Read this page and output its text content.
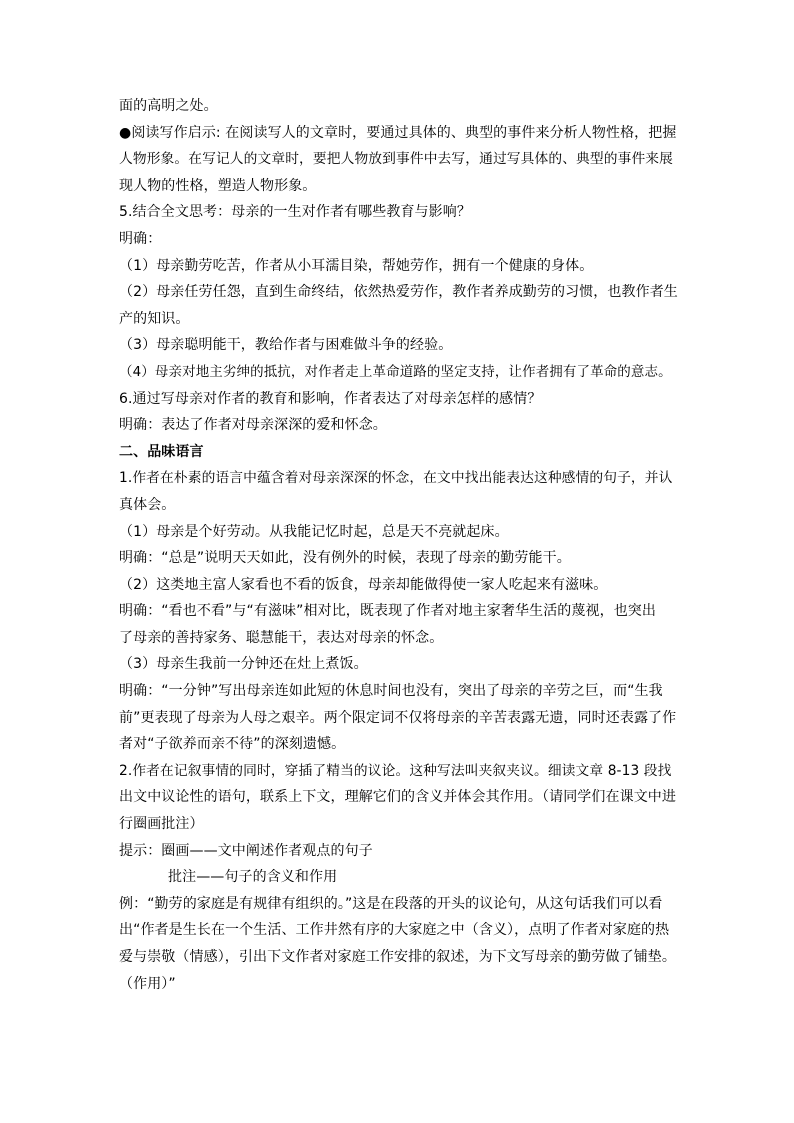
面的高明之处。
●阅读写作启示: 在阅读写人的文章时，要通过具体的、典型的事件来分析人物性格，把握
人物形象。在写记人的文章时，要把人物放到事件中去写，通过写具体的、典型的事件来展
现人物的性格，塑造人物形象。
5.结合全文思考：母亲的一生对作者有哪些教育与影响？
明确：
（1）母亲勤劳吃苦，作者从小耳濡目染，帮她劳作，拥有一个健康的身体。
（2）母亲任劳任怨，直到生命终结，依然热爱劳作，教作者养成勤劳的习惯，也教作者生
产的知识。
（3）母亲聪明能干，教给作者与困难做斗争的经验。
（4）母亲对地主劣绅的抵抗，对作者走上革命道路的坚定支持，让作者拥有了革命的意志。
6.通过写母亲对作者的教育和影响，作者表达了对母亲怎样的感情？
明确：表达了作者对母亲深深的爱和怀念。
二、品味语言
1.作者在朴素的语言中蕴含着对母亲深深的怀念，在文中找出能表达这种感情的句子，并认
真体会。
（1）母亲是个好劳动。从我能记忆时起，总是天不亮就起床。
明确：“总是”说明天天如此，没有例外的时候，表现了母亲的勤劳能干。
（2）这类地主富人家看也不看的饭食，母亲却能做得使一家人吃起来有滋味。
明确：“看也不看”与“有滋味”相对比，既表现了作者对地主家奢华生活的蔑视，也突出
了母亲的善持家务、聪慧能干，表达对母亲的怀念。
（3）母亲生我前一分钟还在灶上煮饭。
明确：“一分钟”写出母亲连如此短的休息时间也没有，突出了母亲的辛劳之巨，而“生我
前”更表现了母亲为人母之艰辛。两个限定词不仅将母亲的辛苦表露无遗，同时还表露了作
者对“子欲养而亲不待”的深刻遗憾。
2.作者在记叙事情的同时，穿插了精当的议论。这种写法叫夹叙夹议。细读文章 8-13 段找
出文中议论性的语句，联系上下文，理解它们的含义并体会其作用。（请同学们在课文中进
行圈画批注）
提示：圈画——文中阐述作者观点的句子
批注——句子的含义和作用
例：“勤劳的家庭是有规律有组织的。”这是在段落的开头的议论句，从这句话我们可以看
出“作者是生长在一个生活、工作井然有序的大家庭之中（含义），点明了作者对家庭的热
爱与崇敬（情感），引出下文作者对家庭工作安排的叙述，为下文写母亲的勤劳做了铺垫。
（作用）”
